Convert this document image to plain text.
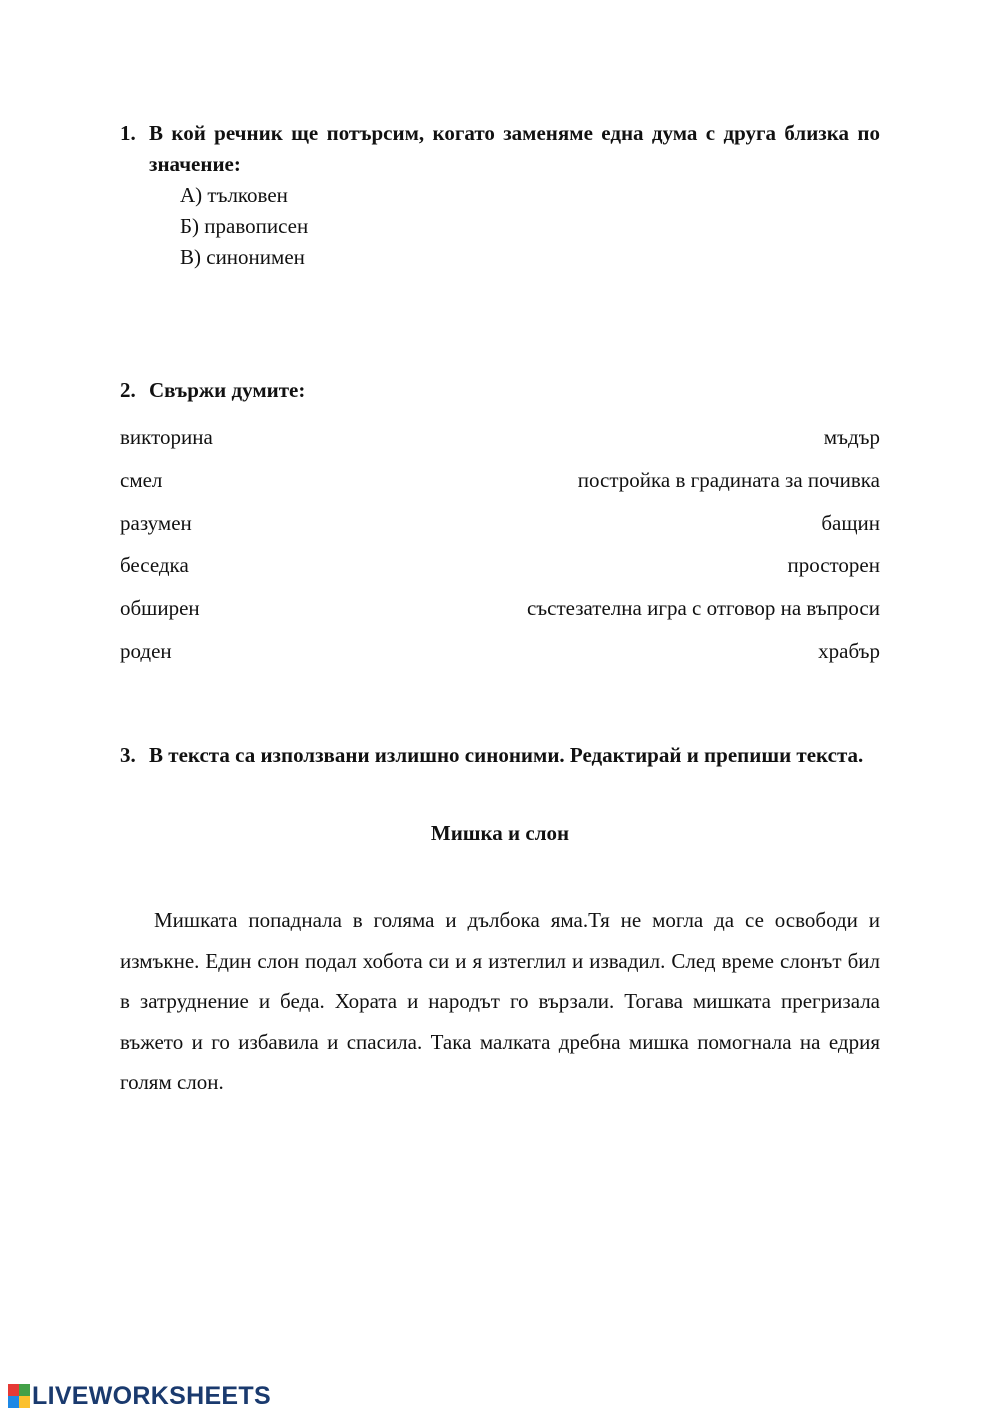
1. В кой речник ще потърсим, когато заменяме една дума с друга близка по значение:
А) тълковен
Б) правописен
В) синонимен
2. Свържи думите:
викторина	мъдър
смел	постройка в градината за почивка
разумен	бащин
беседка	просторен
обширен	състезателна игра с отговор на въпроси
роден	храбър
3. В текста са използвани излишно синоними. Редактирай и препиши текста.
Мишка и слон

Мишката попаднала в голяма и дълбока яма.Тя не могла да се освободи и измъкне. Един слон подал хобота си и я изтеглил и извадил. След време слонът бил в затруднение и беда. Хората и народът го вързали. Тогава мишката прегризала въжето и го избавила и спасила. Така малката дребна мишка помогнала на едрия голям слон.

LIVEWORKSHEETS
